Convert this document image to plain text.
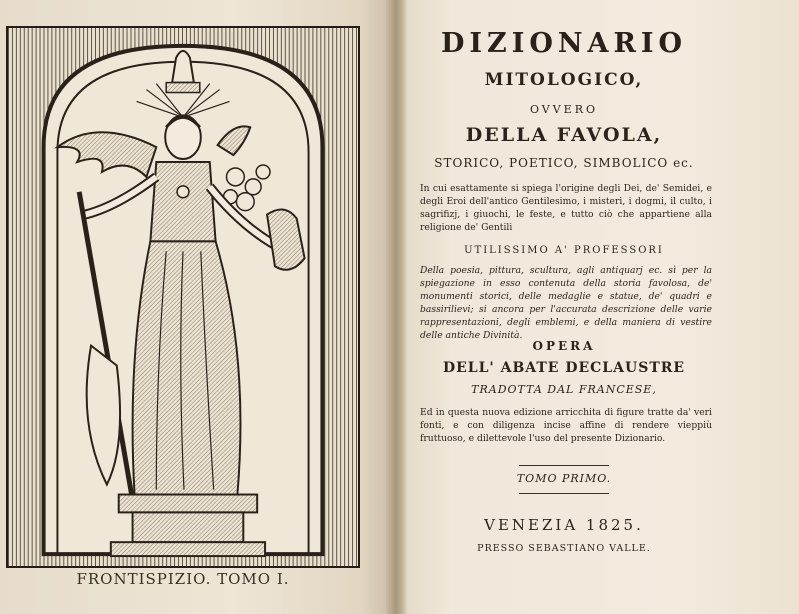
FRONTISPIZIO. TOMO I.
DIZIONARIO
MITOLOGICO,
OVVERO
DELLA FAVOLA,
STORICO, POETICO, SIMBOLICO ec.
In cui esattamente si spiega l'origine degli Dei, de' Semidei, e degli Eroi dell'antico Gentilesimo, i misteri, i dogmi, il culto, i sagrifizj, i giuochi, le feste, e tutto ciò che appartiene alla religione de' Gentili
UTILISSIMO A' PROFESSORI
Della poesia, pittura, scultura, agli antiquarj ec. sì per la spiegazione in esso contenuta della storia favolosa, de' monumenti storici, delle medaglie e statue, de' quadri e bassirilievi; si ancora per l'accurata descrizione delle varie rappresentazioni, degli emblemi, e della maniera di vestire delle antiche Divinità.
OPERA
DELL' ABATE DECLAUSTRE
TRADOTTA DAL FRANCESE,
Ed in questa nuova edizione arricchita di figure tratte da' veri fonti, e con diligenza incise affine di rendere vieppiù fruttuoso, e dilettevole l'uso del presente Dizionario.
TOMO PRIMO.
VENEZIA 1825.
PRESSO SEBASTIANO VALLE.
